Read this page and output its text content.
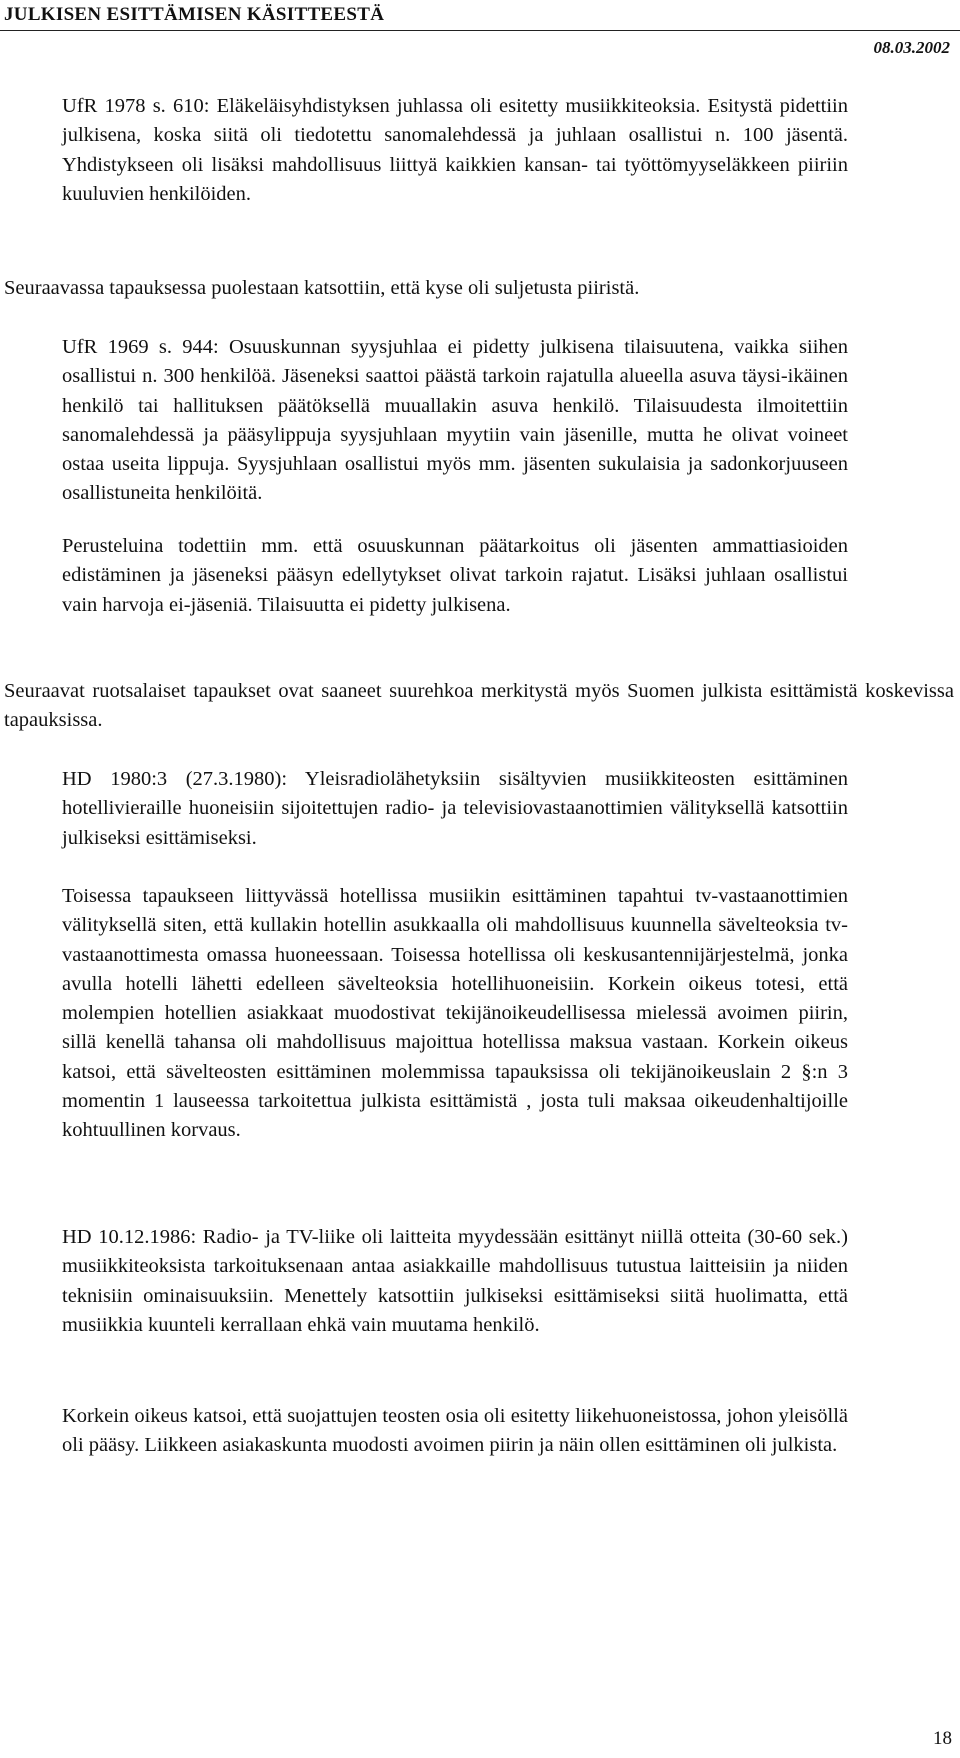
JULKISEN ESITTÄMISEN KÄSITTEESTÄ
08.03.2002

UfR 1978 s. 610: Eläkeläisyhdistyksen juhlassa oli esitetty musiikkiteoksia. Esitystä pidettiin julkisena, koska siitä oli tiedotettu sanomalehdessä ja juhlaan osallistui n. 100 jäsentä. Yhdistykseen oli lisäksi mahdollisuus liittyä kaikkien kansan- tai työttömyyseläkkeen piiriin kuuluvien henkilöiden.

Seuraavassa tapauksessa puolestaan katsottiin, että kyse oli suljetusta piiristä.

UfR 1969 s. 944: Osuuskunnan syysjuhlaa ei pidetty julkisena tilaisuutena, vaikka siihen osallistui n. 300 henkilöä. Jäseneksi saattoi päästä tarkoin rajatulla alueella asuva täysi-ikäinen henkilö tai hallituksen päätöksellä muuallakin asuva henkilö. Tilaisuudesta ilmoitettiin sanomalehdessä ja pääsylippuja syysjuhlaan myytiin vain jäsenille, mutta he olivat voineet ostaa useita lippuja. Syysjuhlaan osallistui myös mm. jäsenten sukulaisia ja sadonkorjuuseen osallistuneita henkilöitä.

Perusteluina todettiin mm. että osuuskunnan päätarkoitus oli jäsenten ammattiasioiden edistäminen ja jäseneksi pääsyn edellytykset olivat tarkoin rajatut. Lisäksi juhlaan osallistui vain harvoja ei-jäseniä. Tilaisuutta ei pidetty julkisena.

Seuraavat ruotsalaiset tapaukset ovat saaneet suurehkoa merkitystä myös Suomen julkista esittämistä koskevissa tapauksissa.

HD 1980:3 (27.3.1980): Yleisradiolähetyksiin sisältyvien musiikkiteosten esittäminen hotellivieraille huoneisiin sijoitettujen radio- ja televisiovastaanottimien välityksellä katsottiin julkiseksi esittämiseksi.

Toisessa tapaukseen liittyvässä hotellissa musiikin esittäminen tapahtui tv-vastaanottimien välityksellä siten, että kullakin hotellin asukkaalla oli mahdollisuus kuunnella sävelteoksia tv-vastaanottimesta omassa huoneessaan. Toisessa hotellissa oli keskusantennijärjestelmä, jonka avulla hotelli lähetti edelleen sävelteoksia hotellihuoneisiin. Korkein oikeus totesi, että molempien hotellien asiakkaat muodostivat tekijänoikeudellisessa mielessä avoimen piirin, sillä kenellä tahansa oli mahdollisuus majoittua hotellissa maksua vastaan. Korkein oikeus katsoi, että sävelteosten esittäminen molemmissa tapauksissa oli tekijänoikeuslain 2 §:n 3 momentin 1 lauseessa tarkoitettua julkista esittämistä , josta tuli maksaa oikeudenhaltijoille kohtuullinen korvaus.

HD 10.12.1986: Radio- ja TV-liike oli laitteita myydessään esittänyt niillä otteita (30-60 sek.) musiikkiteoksista tarkoituksenaan antaa asiakkaille mahdollisuus tutustua laitteisiin ja niiden teknisiin ominaisuuksiin. Menettely katsottiin julkiseksi esittämiseksi siitä huolimatta, että musiikkia kuunteli kerrallaan ehkä vain muutama henkilö.

Korkein oikeus katsoi, että suojattujen teosten osia oli esitetty liikehuoneistossa, johon yleisöllä oli pääsy. Liikkeen asiakaskunta muodosti avoimen piirin ja näin ollen esittäminen oli julkista.

18
